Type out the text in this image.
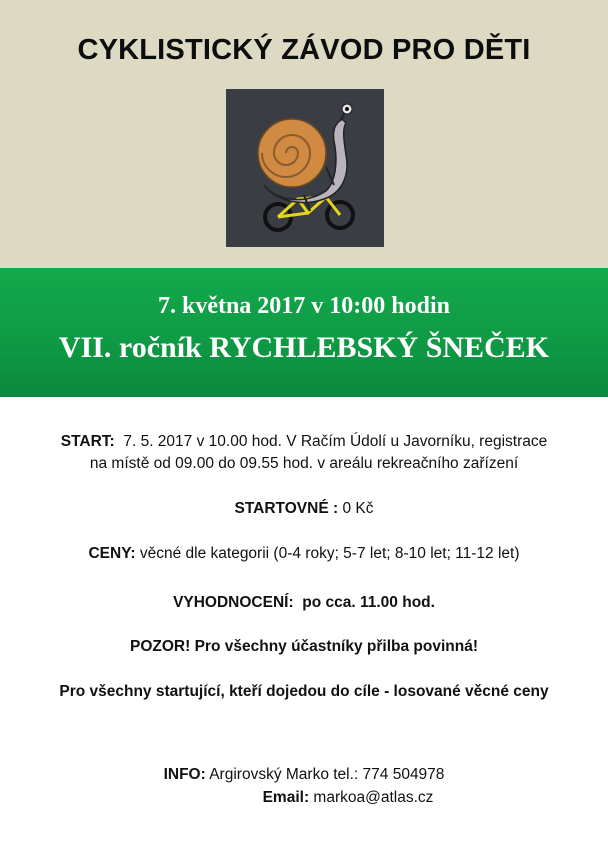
CYKLISTICKÝ ZÁVOD PRO DĚTI
7. května 2017 v 10:00 hodin
VII. ročník RYCHLEBSKÝ ŠNEČEK
START: 7. 5. 2017 v 10.00 hod. V Račím Údolí u Javorníku, registrace
na místě od 09.00 do 09.55 hod. v areálu rekreačního zařízení
STARTOVNÉ : 0 Kč
CENY: věcné dle kategorii (0-4 roky; 5-7 let; 8-10 let; 11-12 let)
VYHODNOCENÍ: po cca. 11.00 hod.
POZOR! Pro všechny účastníky přilba povinná!
Pro všechny startující, kteří dojedou do cíle - losované věcné ceny
INFO: Argirovský Marko tel.: 774 504978
Email: markoa@atlas.cz
